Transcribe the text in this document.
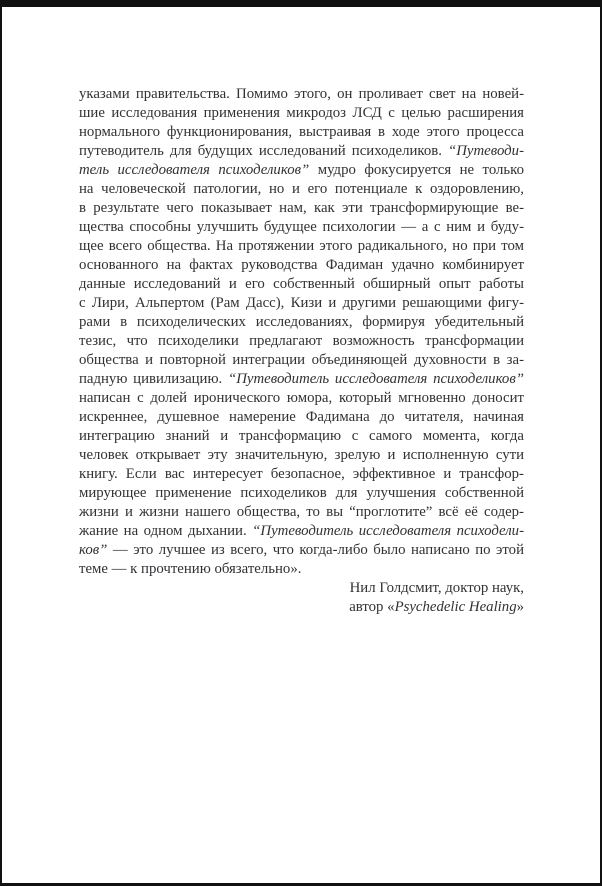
указами правительства. Помимо этого, он проливает свет на новей-
шие исследования применения микродоз ЛСД с целью расширения
нормального функционирования, выстраивая в ходе этого процесса
путеводитель для будущих исследований психоделиков. “Путеводи-
тель исследователя психоделиков” мудро фокусируется не только
на человеческой патологии, но и его потенциале к оздоровлению,
в результате чего показывает нам, как эти трансформирующие ве-
щества способны улучшить будущее психологии — а с ним и буду-
щее всего общества. На протяжении этого радикального, но при том
основанного на фактах руководства Фадиман удачно комбинирует
данные исследований и его собственный обширный опыт работы
с Лири, Альпертом (Рам Дасс), Кизи и другими решающими фигу-
рами в психоделических исследованиях, формируя убедительный
тезис, что психоделики предлагают возможность трансформации
общества и повторной интеграции объединяющей духовности в за-
падную цивилизацию. “Путеводитель исследователя психоделиков”
написан с долей иронического юмора, который мгновенно доносит
искреннее, душевное намерение Фадимана до читателя, начиная
интеграцию знаний и трансформацию с самого момента, когда
человек открывает эту значительную, зрелую и исполненную сути
книгу. Если вас интересует безопасное, эффективное и трансфор-
мирующее применение психоделиков для улучшения собственной
жизни и жизни нашего общества, то вы “проглотите” всё её содер-
жание на одном дыхании. “Путеводитель исследователя психодели-
ков” — это лучшее из всего, что когда-либо было написано по этой
теме — к прочтению обязательно».
Нил Голдсмит, доктор наук,
автор «Psychedelic Healing»
